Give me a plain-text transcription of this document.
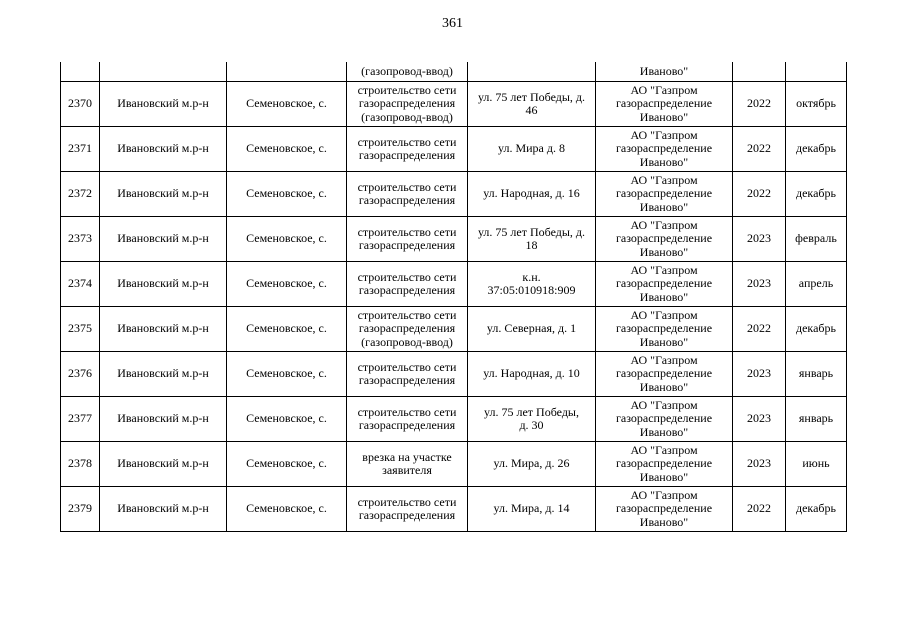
361
			(газопровод-ввод)		Иваново"		
2370	Ивановский м.р-н	Семеновское, с.	строительство сети
газораспределения
(газопровод-ввод)	ул. 75 лет Победы, д.
46	АО "Газпром
газораспределение
Иваново"	2022	октябрь
2371	Ивановский м.р-н	Семеновское, с.	строительство сети
газораспределения	ул. Мира д. 8	АО "Газпром
газораспределение
Иваново"	2022	декабрь
2372	Ивановский м.р-н	Семеновское, с.	строительство сети
газораспределения	ул. Народная, д. 16	АО "Газпром
газораспределение
Иваново"	2022	декабрь
2373	Ивановский м.р-н	Семеновское, с.	строительство сети
газораспределения	ул. 75 лет Победы, д.
18	АО "Газпром
газораспределение
Иваново"	2023	февраль
2374	Ивановский м.р-н	Семеновское, с.	строительство сети
газораспределения	к.н.
37:05:010918:909	АО "Газпром
газораспределение
Иваново"	2023	апрель
2375	Ивановский м.р-н	Семеновское, с.	строительство сети
газораспределения
(газопровод-ввод)	ул. Северная, д. 1	АО "Газпром
газораспределение
Иваново"	2022	декабрь
2376	Ивановский м.р-н	Семеновское, с.	строительство сети
газораспределения	ул. Народная, д. 10	АО "Газпром
газораспределение
Иваново"	2023	январь
2377	Ивановский м.р-н	Семеновское, с.	строительство сети
газораспределения	ул. 75 лет Победы,
д. 30	АО "Газпром
газораспределение
Иваново"	2023	январь
2378	Ивановский м.р-н	Семеновское, с.	врезка на участке
заявителя	ул. Мира, д. 26	АО "Газпром
газораспределение
Иваново"	2023	июнь
2379	Ивановский м.р-н	Семеновское, с.	строительство сети
газораспределения	ул. Мира, д. 14	АО "Газпром
газораспределение
Иваново"	2022	декабрь
